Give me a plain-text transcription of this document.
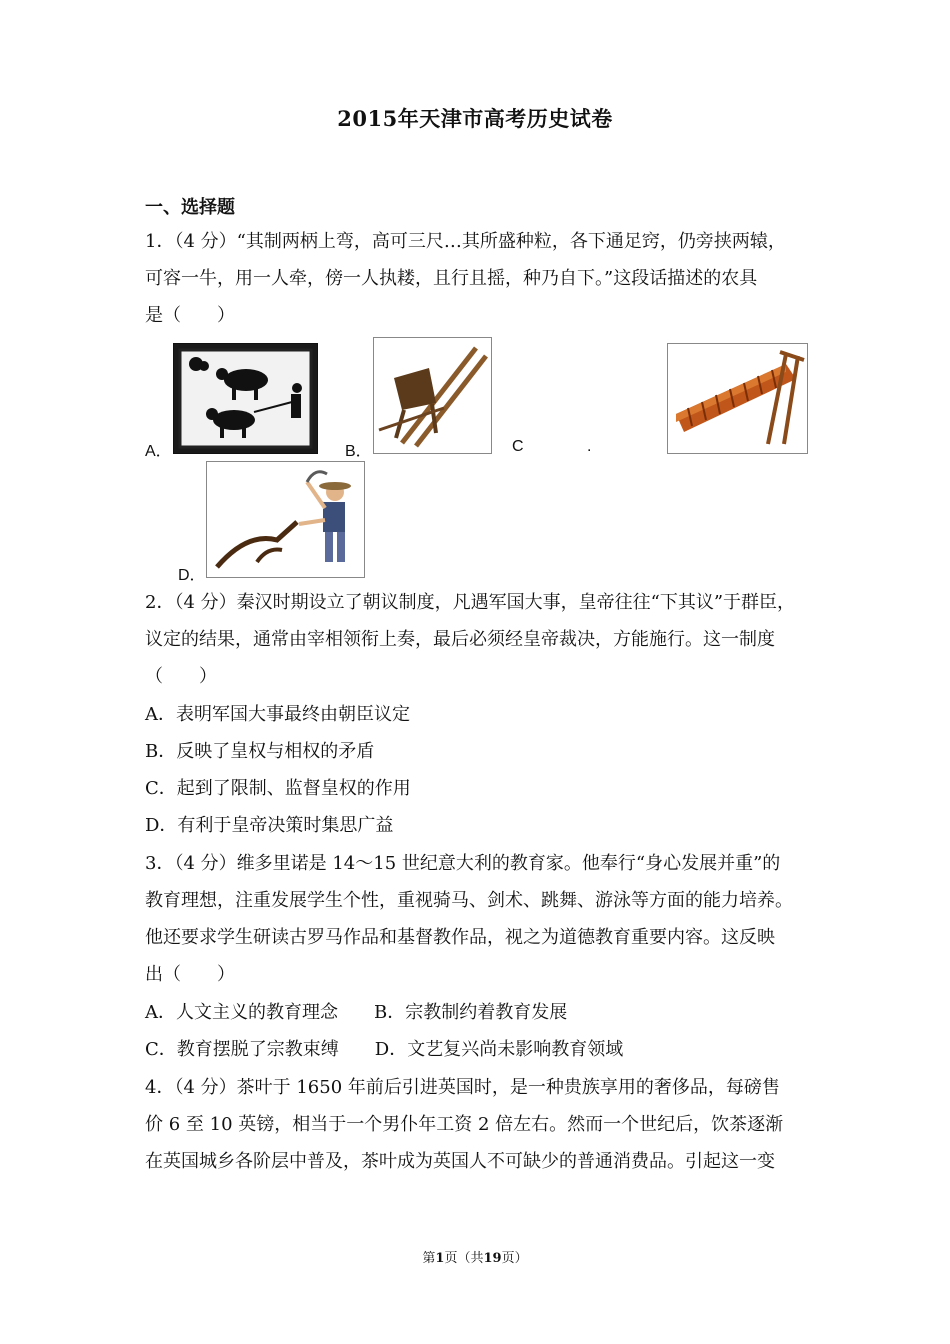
2015年天津市高考历史试卷
一、选择题
1．（4 分）“其制两柄上弯，高可三尺…其所盛种粒，各下通足窍，仍旁挟两辕，
可容一牛，用一人牵，傍一人执耧，且行且摇，种乃自下。”这段话描述的农具
是（　　）
A．	B．	C	.
D．
2．（4 分）秦汉时期设立了朝议制度，凡遇军国大事，皇帝往往“下其议”于群臣，
议定的结果，通常由宰相领衔上奏，最后必须经皇帝裁决，方能施行。这一制度
（　　）
A．表明军国大事最终由朝臣议定
B．反映了皇权与相权的矛盾
C．起到了限制、监督皇权的作用
D．有利于皇帝决策时集思广益
3．（4 分）维多里诺是 14～15 世纪意大利的教育家。他奉行“身心发展并重”的
教育理想，注重发展学生个性，重视骑马、剑术、跳舞、游泳等方面的能力培养。
他还要求学生研读古罗马作品和基督教作品，视之为道德教育重要内容。这反映
出（　　）
A．人文主义的教育理念　　B．宗教制约着教育发展
C．教育摆脱了宗教束缚　　D．文艺复兴尚未影响教育领域
4．（4 分）茶叶于 1650 年前后引进英国时，是一种贵族享用的奢侈品，每磅售
价 6 至 10 英镑，相当于一个男仆年工资 2 倍左右。然而一个世纪后，饮茶逐渐
在英国城乡各阶层中普及，茶叶成为英国人不可缺少的普通消费品。引起这一变
第1页（共19页）
